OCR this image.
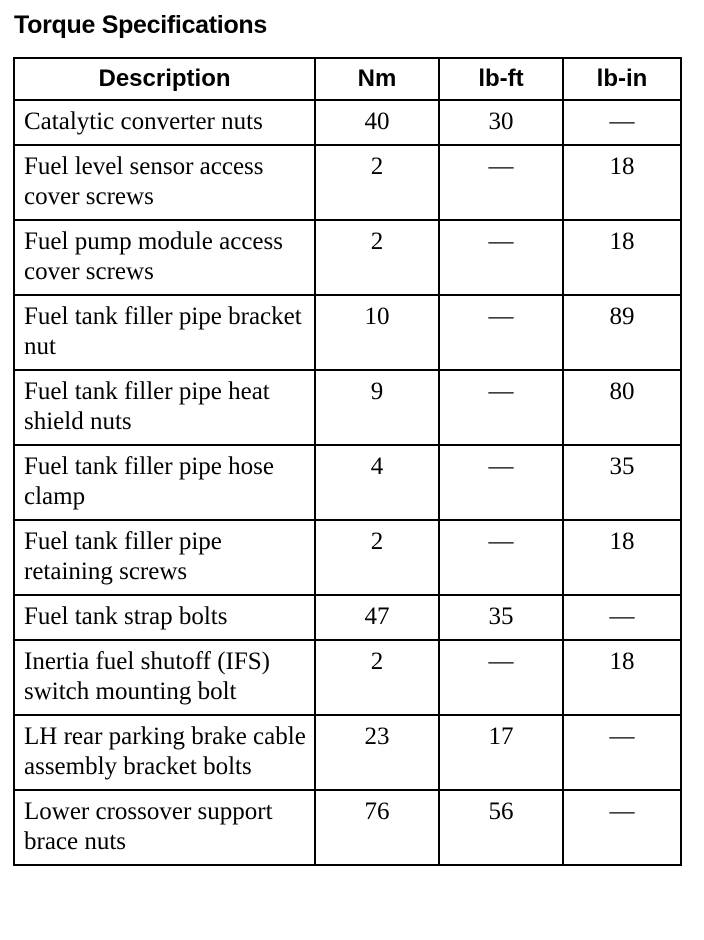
Torque Specifications
Description	Nm	lb-ft	lb-in
Catalytic converter nuts	40	30	—
Fuel level sensor access cover screws	2	—	18
Fuel pump module access cover screws	2	—	18
Fuel tank filler pipe bracket nut	10	—	89
Fuel tank filler pipe heat shield nuts	9	—	80
Fuel tank filler pipe hose clamp	4	—	35
Fuel tank filler pipe retaining screws	2	—	18
Fuel tank strap bolts	47	35	—
Inertia fuel shutoff (IFS) switch mounting bolt	2	—	18
LH rear parking brake cable assembly bracket bolts	23	17	—
Lower crossover support brace nuts	76	56	—
